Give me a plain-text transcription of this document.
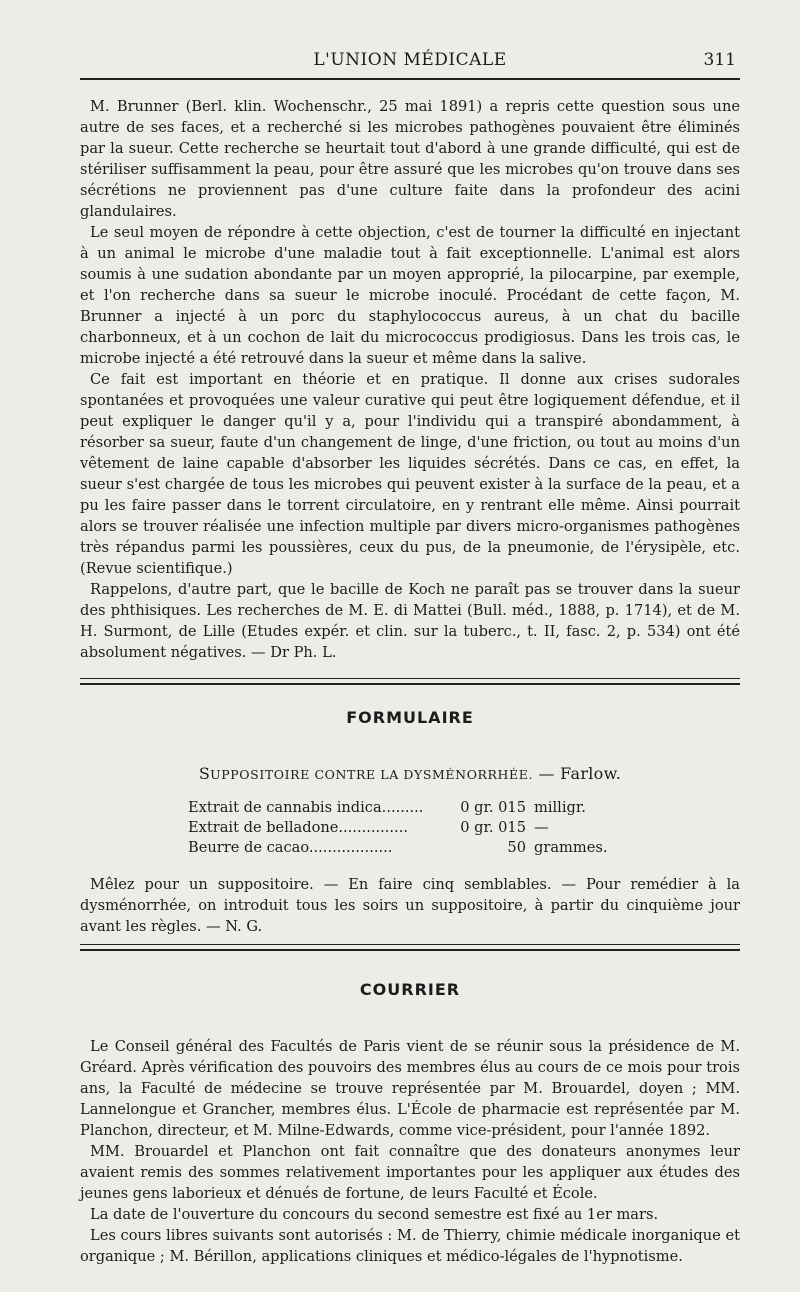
L'UNION MÉDICALE	311

M. Brunner (Berl. klin. Wochenschr., 25 mai 1891) a repris cette question sous une autre de ses faces, et a recherché si les microbes pathogènes pouvaient être éliminés par la sueur. Cette recherche se heurtait tout d'abord à une grande difficulté, qui est de stériliser suffisamment la peau, pour être assuré que les microbes qu'on trouve dans ses sécrétions ne proviennent pas d'une culture faite dans la profondeur des acini glandulaires.

Le seul moyen de répondre à cette objection, c'est de tourner la difficulté en injectant à un animal le microbe d'une maladie tout à fait exceptionnelle. L'animal est alors soumis à une sudation abondante par un moyen approprié, la pilocarpine, par exemple, et l'on recherche dans sa sueur le microbe inoculé. Procédant de cette façon, M. Brunner a injecté à un porc du staphylococcus aureus, à un chat du bacille charbonneux, et à un cochon de lait du micrococcus prodigiosus. Dans les trois cas, le microbe injecté a été retrouvé dans la sueur et même dans la salive.

Ce fait est important en théorie et en pratique. Il donne aux crises sudorales spontanées et provoquées une valeur curative qui peut être logiquement défendue, et il peut expliquer le danger qu'il y a, pour l'individu qui a transpiré abondamment, à résorber sa sueur, faute d'un changement de linge, d'une friction, ou tout au moins d'un vêtement de laine capable d'absorber les liquides sécrétés. Dans ce cas, en effet, la sueur s'est chargée de tous les microbes qui peuvent exister à la surface de la peau, et a pu les faire passer dans le torrent circulatoire, en y rentrant elle même. Ainsi pourrait alors se trouver réalisée une infection multiple par divers micro-organismes pathogènes très répandus parmi les poussières, ceux du pus, de la pneumonie, de l'érysipèle, etc. (Revue scientifique.)

Rappelons, d'autre part, que le bacille de Koch ne paraît pas se trouver dans la sueur des phthisiques. Les recherches de M. E. di Mattei (Bull. méd., 1888, p. 1714), et de M. H. Surmont, de Lille (Etudes expér. et clin. sur la tuberc., t. II, fasc. 2, p. 534) ont été absolument négatives. — Dr Ph. L.

FORMULAIRE
SUPPOSITOIRE CONTRE LA DYSMÉNORRHÉE. — Farlow.
Extrait de cannabis indica.........	0 gr. 015 milligr.
Extrait de belladone...............	0 gr. 015 —
Beurre de cacao..................	50 grammes.

Mêlez pour un suppositoire. — En faire cinq semblables. — Pour remédier à la dysménorrhée, on introduit tous les soirs un suppositoire, à partir du cinquième jour avant les règles. — N. G.

COURRIER

Le Conseil général des Facultés de Paris vient de se réunir sous la présidence de M. Gréard. Après vérification des pouvoirs des membres élus au cours de ce mois pour trois ans, la Faculté de médecine se trouve représentée par M. Brouardel, doyen ; MM. Lannelongue et Grancher, membres élus. L'École de pharmacie est représentée par M. Planchon, directeur, et M. Milne-Edwards, comme vice-président, pour l'année 1892.

MM. Brouardel et Planchon ont fait connaître que des donateurs anonymes leur avaient remis des sommes relativement importantes pour les appliquer aux études des jeunes gens laborieux et dénués de fortune, de leurs Faculté et École.

La date de l'ouverture du concours du second semestre est fixé au 1er mars.

Les cours libres suivants sont autorisés : M. de Thierry, chimie médicale inorganique et organique ; M. Bérillon, applications cliniques et médico-légales de l'hypnotisme.
